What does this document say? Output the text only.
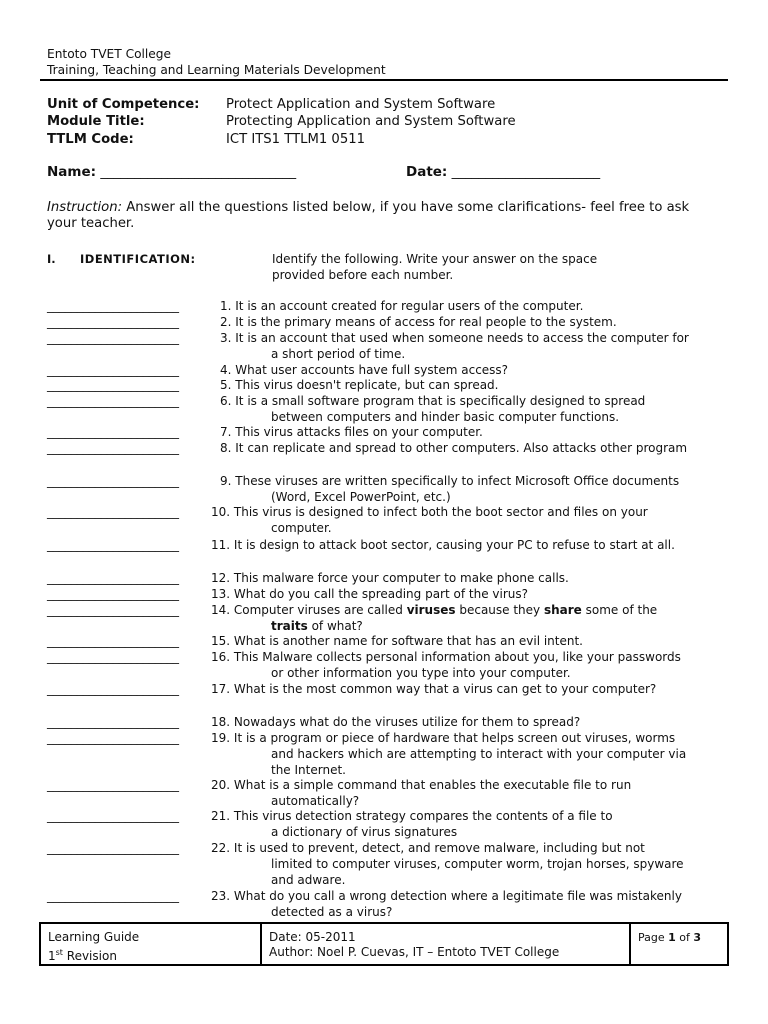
Entoto TVET College
Training, Teaching and Learning Materials Development
Unit of Competence: Protect Application and System Software
Module Title:	Protecting Application and System Software
TTLM Code:	ICT ITS1 TTLM1 0511
Name: _____________________________	Date: ______________________
Instruction: Answer all the questions listed below, if you have some clarifications- feel free to ask your teacher.
I. IDENTIFICATION:	Identify the following. Write your answer on the space
provided before each number.
______________________	1. It is an account created for regular users of the computer.
______________________	2. It is the primary means of access for real people to the system.
______________________	3. It is an account that used when someone needs to access the computer for
a short period of time.
______________________	4. What user accounts have full system access?
______________________	5. This virus doesn't replicate, but can spread.
______________________	6. It is a small software program that is specifically designed to spread
between computers and hinder basic computer functions.
______________________	7. This virus attacks files on your computer.
______________________	8. It can replicate and spread to other computers. Also attacks other program
______________________	9. These viruses are written specifically to infect Microsoft Office documents
(Word, Excel PowerPoint, etc.)
______________________	10. This virus is designed to infect both the boot sector and files on your
computer.
______________________	11. It is design to attack boot sector, causing your PC to refuse to start at all.
______________________	12. This malware force your computer to make phone calls.
______________________	13. What do you call the spreading part of the virus?
______________________	14. Computer viruses are called viruses because they share some of the
traits of what?
______________________	15. What is another name for software that has an evil intent.
______________________	16. This Malware collects personal information about you, like your passwords
or other information you type into your computer.
______________________	17. What is the most common way that a virus can get to your computer?
______________________	18. Nowadays what do the viruses utilize for them to spread?
______________________	19. It is a program or piece of hardware that helps screen out viruses, worms
and hackers which are attempting to interact with your computer via
the Internet.
______________________	20. What is a simple command that enables the executable file to run
automatically?
______________________	21. This virus detection strategy compares the contents of a file to
a dictionary of virus signatures
______________________	22. It is used to prevent, detect, and remove malware, including but not
limited to computer viruses, computer worm, trojan horses, spyware
and adware.
______________________	23. What do you call a wrong detection where a legitimate file was mistakenly
detected as a virus?
Learning Guide
1st Revision
Date: 05-2011
Author: Noel P. Cuevas, IT – Entoto TVET College
Page 1 of 3
